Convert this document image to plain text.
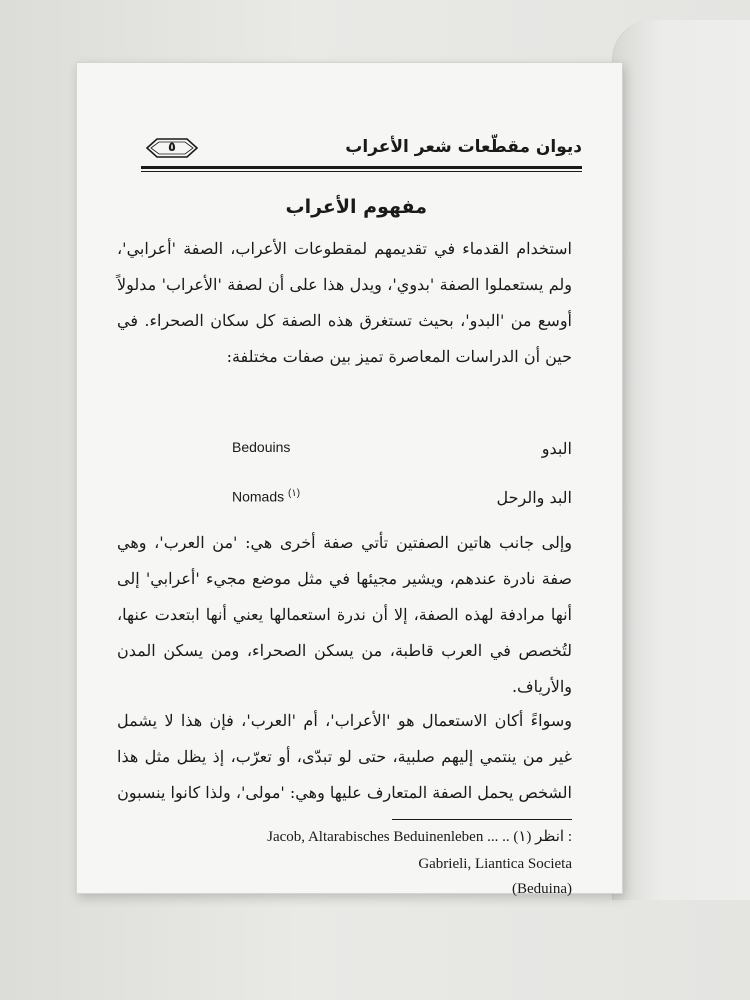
ديوان مقطّعات شعر الأعراب
٥
مفهوم الأعراب
استخدام القدماء في تقديمهم لمقطوعات الأعراب، الصفة 'أعرابي'، ولم يستعملوا الصفة 'بدوي'، ويدل هذا على أن لصفة 'الأعراب' مدلولاً أوسع من 'البدو'، بحيث تستغرق هذه الصفة كل سكان الصحراء. في حين أن الدراسات المعاصرة تميز بين صفات مختلفة:
البدو
Bedouins
البد والرحل
Nomads $^{(١)}$
وإلى جانب هاتين الصفتين تأتي صفة أخرى هي: 'من العرب'، وهي صفة نادرة عندهم، ويشير مجيئها في مثل موضع مجيء 'أعرابي' إلى أنها مرادفة لهذه الصفة، إلا أن ندرة استعمالها يعني أنها ابتعدت عنها، لتُخصص في العرب قاطبة، من يسكن الصحراء، ومن يسكن المدن والأرياف.
وسواءً أكان الاستعمال هو 'الأعراب'، أم 'العرب'، فإن هذا لا يشمل غير من ينتمي إليهم صلبية، حتى لو تبدّى، أو تعرّب، إذ يظل مثل هذا الشخص يحمل الصفة المتعارف عليها وهي: 'مولى'، ولذا كانوا ينسبون
Jacob, Altarabisches Beduinenleben ... .. (١) انظر :
Gabrieli, Liantica Societa
(Beduina)
